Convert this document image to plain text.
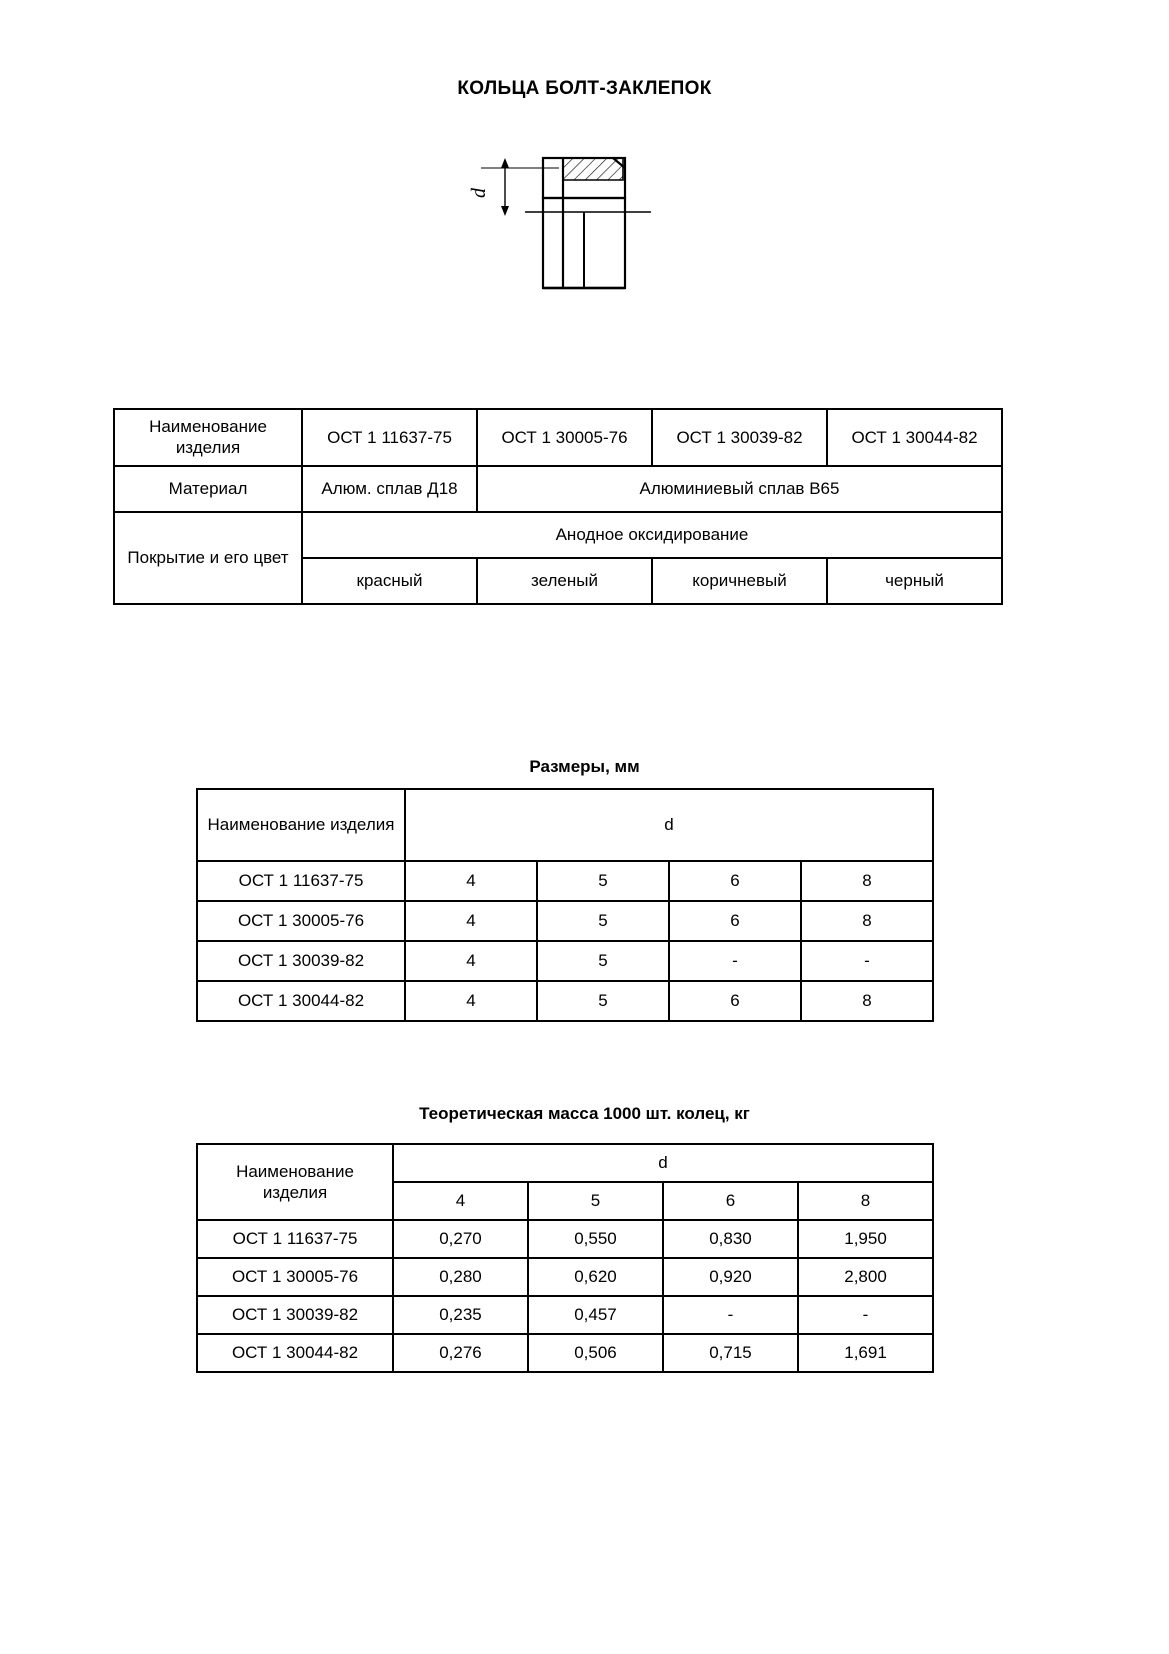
КОЛЬЦА БОЛТ-ЗАКЛЕПОК
d
Наименование изделия	ОСТ 1 11637-75	ОСТ 1 30005-76	ОСТ 1 30039-82	ОСТ 1 30044-82
Материал	Алюм. сплав Д18	Алюминиевый сплав В65		
Покрытие и его цвет	Анодное оксидирование			
	красный	зеленый	коричневый	черный
Размеры, мм
Наименование изделия	d			
ОСТ 1 11637-75	4	5	6	8
ОСТ 1 30005-76	4	5	6	8
ОСТ 1 30039-82	4	5	-	-
ОСТ 1 30044-82	4	5	6	8
Теоретическая масса 1000 шт. колец, кг
Наименование изделия	d			
	4	5	6	8
ОСТ 1 11637-75	0,270	0,550	0,830	1,950
ОСТ 1 30005-76	0,280	0,620	0,920	2,800
ОСТ 1 30039-82	0,235	0,457	-	-
ОСТ 1 30044-82	0,276	0,506	0,715	1,691
